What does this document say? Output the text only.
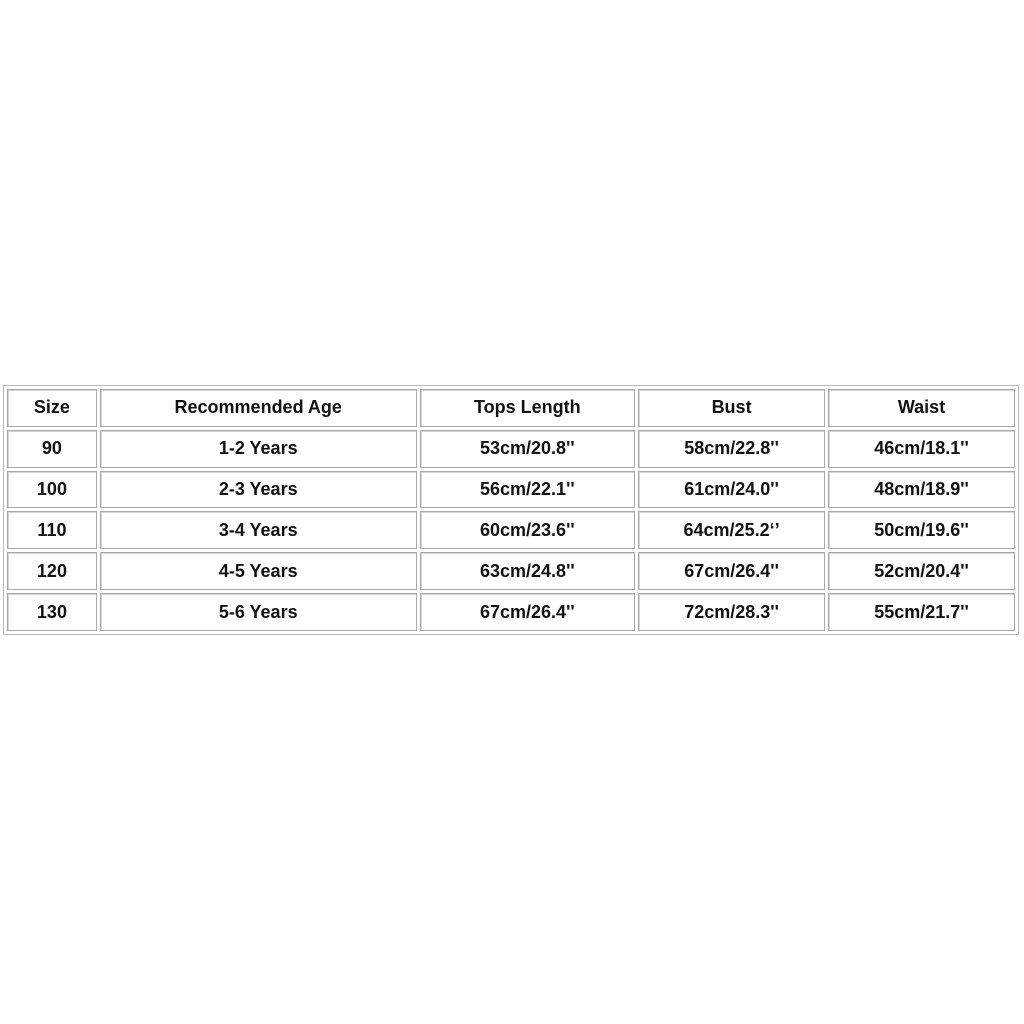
Size	Recommended Age	Tops Length	Bust	Waist
90	1-2 Years	53cm/20.8''	58cm/22.8''	46cm/18.1''
100	2-3 Years	56cm/22.1''	61cm/24.0''	48cm/18.9''
110	3-4 Years	60cm/23.6''	64cm/25.2‘’	50cm/19.6''
120	4-5 Years	63cm/24.8''	67cm/26.4''	52cm/20.4''
130	5-6 Years	67cm/26.4''	72cm/28.3''	55cm/21.7''
